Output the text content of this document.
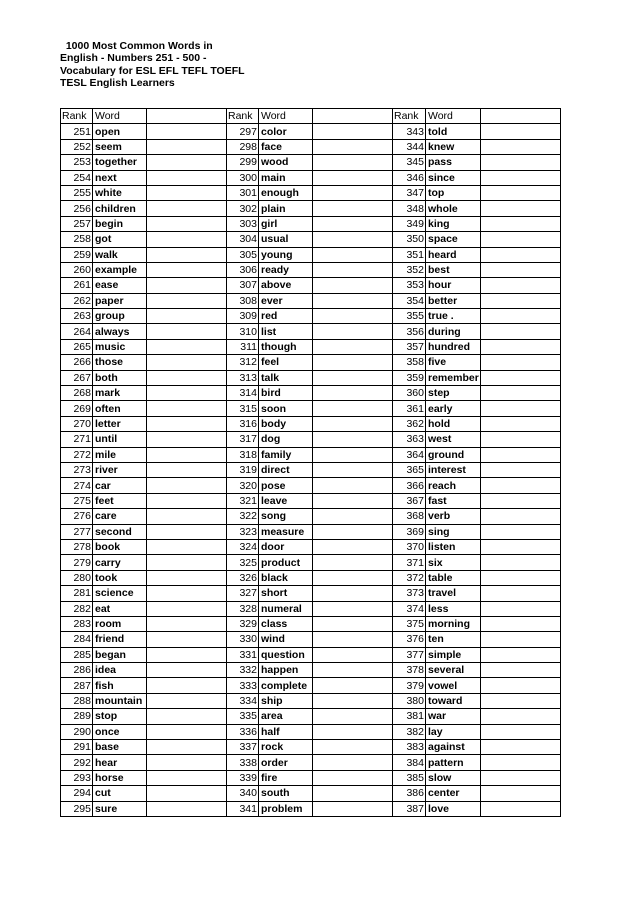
1000 Most Common Words in
English - Numbers 251 - 500 -
Vocabulary for ESL EFL TEFL TOEFL
TESL English Learners
Rank	Word		Rank	Word		Rank	Word	
251	open		297	color		343	told	
252	seem		298	face		344	knew	
253	together		299	wood		345	pass	
254	next		300	main		346	since	
255	white		301	enough		347	top	
256	children		302	plain		348	whole	
257	begin		303	girl		349	king	
258	got		304	usual		350	space	
259	walk		305	young		351	heard	
260	example		306	ready		352	best	
261	ease		307	above		353	hour	
262	paper		308	ever		354	better	
263	group		309	red		355	true .	
264	always		310	list		356	during	
265	music		311	though		357	hundred	
266	those		312	feel		358	five	
267	both		313	talk		359	remember	
268	mark		314	bird		360	step	
269	often		315	soon		361	early	
270	letter		316	body		362	hold	
271	until		317	dog		363	west	
272	mile		318	family		364	ground	
273	river		319	direct		365	interest	
274	car		320	pose		366	reach	
275	feet		321	leave		367	fast	
276	care		322	song		368	verb	
277	second		323	measure		369	sing	
278	book		324	door		370	listen	
279	carry		325	product		371	six	
280	took		326	black		372	table	
281	science		327	short		373	travel	
282	eat		328	numeral		374	less	
283	room		329	class		375	morning	
284	friend		330	wind		376	ten	
285	began		331	question		377	simple	
286	idea		332	happen		378	several	
287	fish		333	complete		379	vowel	
288	mountain		334	ship		380	toward	
289	stop		335	area		381	war	
290	once		336	half		382	lay	
291	base		337	rock		383	against	
292	hear		338	order		384	pattern	
293	horse		339	fire		385	slow	
294	cut		340	south		386	center	
295	sure		341	problem		387	love	
